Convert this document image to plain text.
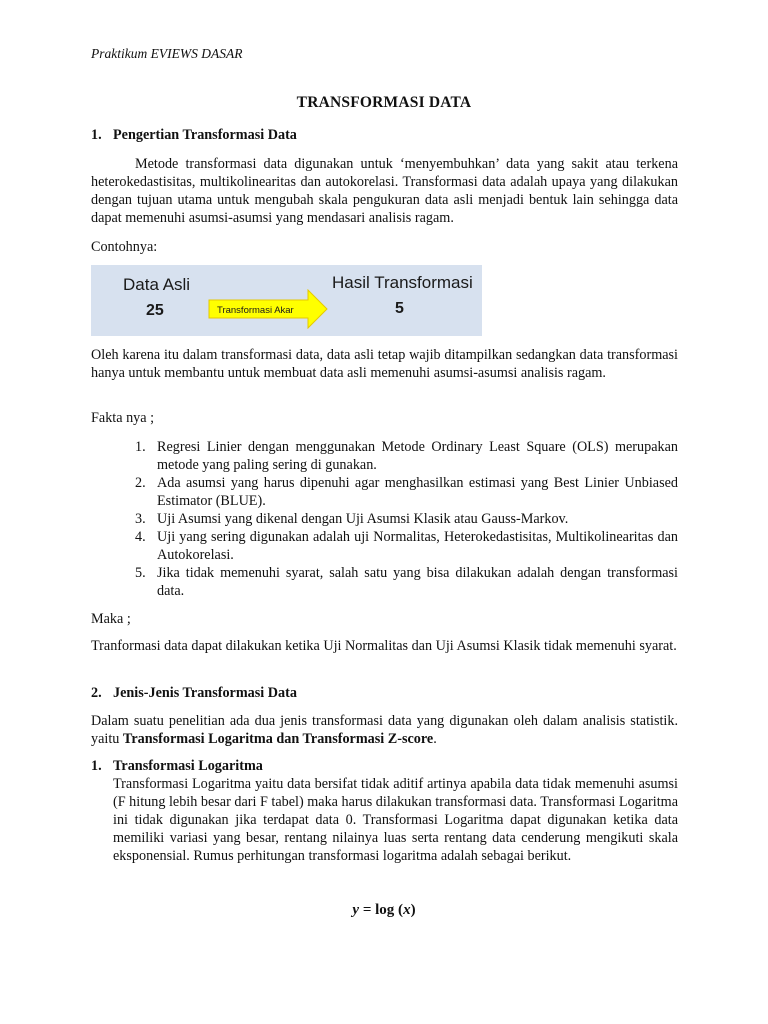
Praktikum EVIEWS DASAR
TRANSFORMASI DATA
1. Pengertian Transformasi Data
Metode transformasi data digunakan untuk ‘menyembuhkan’ data yang sakit atau terkena heterokedastisitas, multikolinearitas dan autokorelasi. Transformasi data adalah upaya yang dilakukan dengan tujuan utama untuk mengubah skala pengukuran data asli menjadi bentuk lain sehingga data dapat memenuhi asumsi-asumsi yang mendasari analisis ragam.
Contohnya:
Data Asli
25	Transformasi Akar
Hasil Transformasi
5
Oleh karena itu dalam transformasi data, data asli tetap wajib ditampilkan sedangkan data transformasi hanya untuk membantu untuk membuat data asli memenuhi asumsi-asumsi analisis ragam.
Fakta nya ;
1. Regresi Linier dengan menggunakan Metode Ordinary Least Square (OLS) merupakan metode yang paling sering di gunakan.
2. Ada asumsi yang harus dipenuhi agar menghasilkan estimasi yang Best Linier Unbiased Estimator (BLUE).
3. Uji Asumsi yang dikenal dengan Uji Asumsi Klasik atau Gauss-Markov.
4. Uji yang sering digunakan adalah uji Normalitas, Heterokedastisitas, Multikolinearitas dan Autokorelasi.
5. Jika tidak memenuhi syarat, salah satu yang bisa dilakukan adalah dengan transformasi data.
Maka ;
Tranformasi data dapat dilakukan ketika Uji Normalitas dan Uji Asumsi Klasik tidak memenuhi syarat.
2. Jenis-Jenis Transformasi Data
Dalam suatu penelitian ada dua jenis transformasi data yang digunakan oleh dalam analisis statistik. yaitu Transformasi Logaritma dan Transformasi Z-score.
1. Transformasi Logaritma
Transformasi Logaritma yaitu data bersifat tidak aditif artinya apabila data tidak memenuhi asumsi (F hitung lebih besar dari F tabel) maka harus dilakukan transformasi data. Transformasi Logaritma ini tidak digunakan jika terdapat data 0. Transformasi Logaritma dapat digunakan ketika data memiliki variasi yang besar, rentang nilainya luas serta rentang data cenderung mengikuti skala eksponensial. Rumus perhitungan transformasi logaritma adalah sebagai berikut.
y = log (x)
